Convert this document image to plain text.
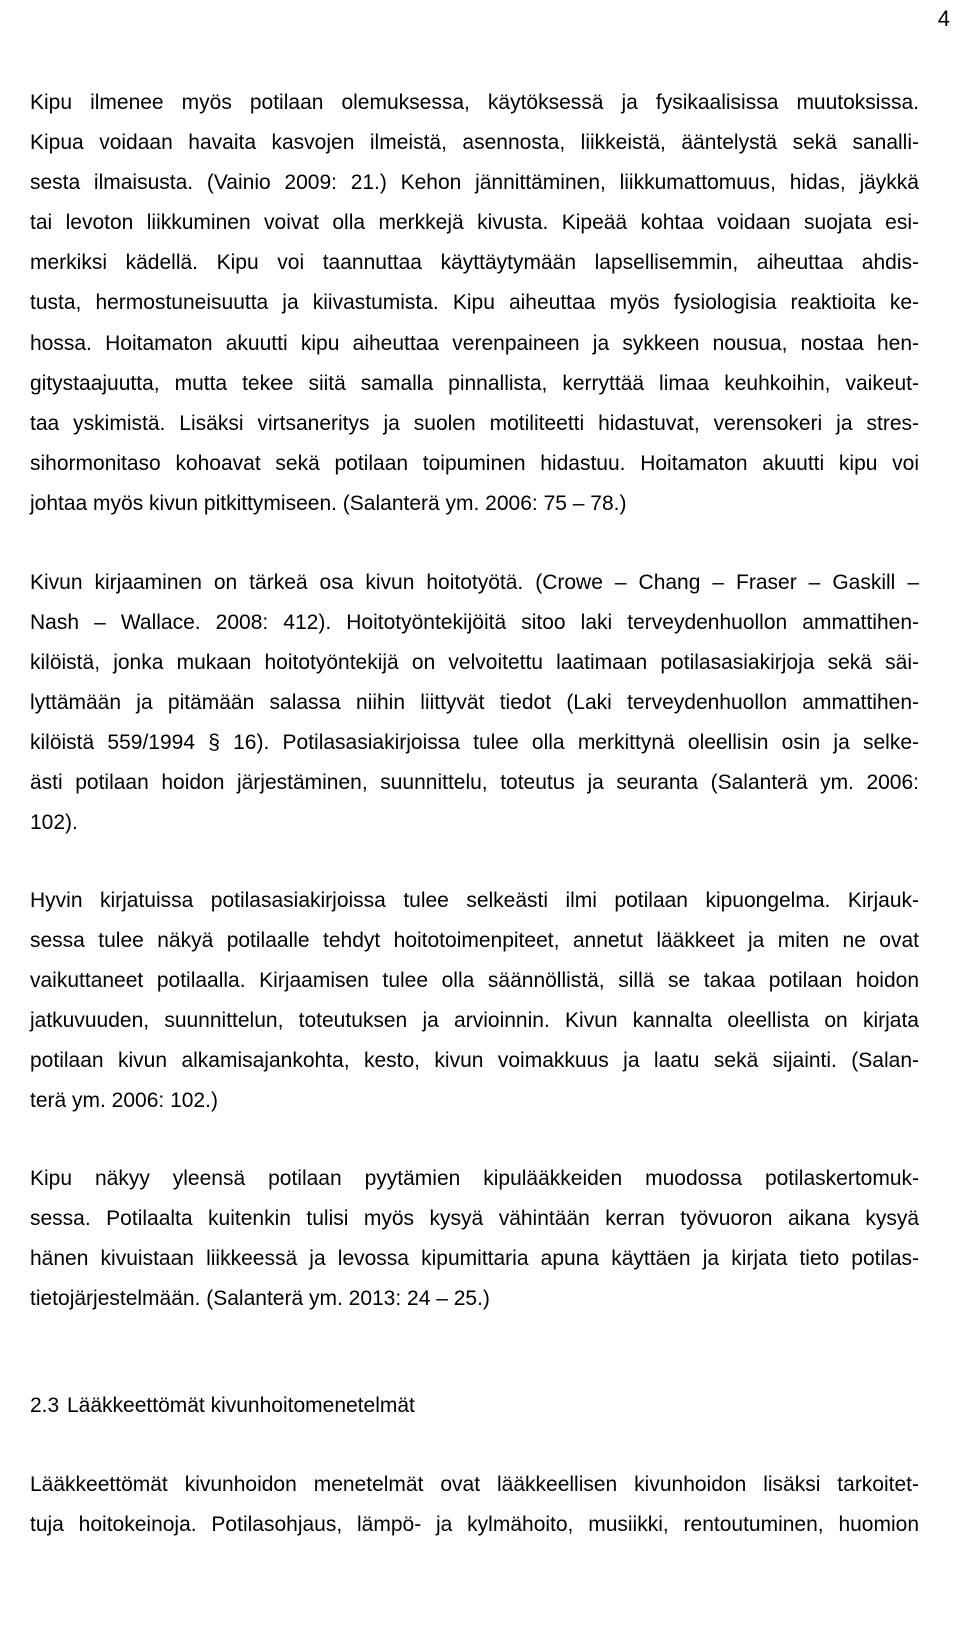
4
Kipu ilmenee myös potilaan olemuksessa, käytöksessä ja fysikaalisissa muutoksissa.
Kipua voidaan havaita kasvojen ilmeistä, asennosta, liikkeistä, ääntelystä sekä sanalli-
sesta ilmaisusta. (Vainio 2009: 21.) Kehon jännittäminen, liikkumattomuus, hidas, jäykkä
tai levoton liikkuminen voivat olla merkkejä kivusta. Kipeää kohtaa voidaan suojata esi-
merkiksi kädellä. Kipu voi taannuttaa käyttäytymään lapsellisemmin, aiheuttaa ahdis-
tusta, hermostuneisuutta ja kiivastumista. Kipu aiheuttaa myös fysiologisia reaktioita ke-
hossa. Hoitamaton akuutti kipu aiheuttaa verenpaineen ja sykkeen nousua, nostaa hen-
gitystaajuutta, mutta tekee siitä samalla pinnallista, kerryttää limaa keuhkoihin, vaikeut-
taa yskimistä. Lisäksi virtsaneritys ja suolen motiliteetti hidastuvat, verensokeri ja stres-
sihormonitaso kohoavat sekä potilaan toipuminen hidastuu. Hoitamaton akuutti kipu voi
johtaa myös kivun pitkittymiseen. (Salanterä ym. 2006: 75 – 78.)
Kivun kirjaaminen on tärkeä osa kivun hoitotyötä. (Crowe – Chang – Fraser – Gaskill –
Nash – Wallace. 2008: 412). Hoitotyöntekijöitä sitoo laki terveydenhuollon ammattihen-
kilöistä, jonka mukaan hoitotyöntekijä on velvoitettu laatimaan potilasasiakirjoja sekä säi-
lyttämään ja pitämään salassa niihin liittyvät tiedot (Laki terveydenhuollon ammattihen-
kilöistä 559/1994 § 16). Potilasasiakirjoissa tulee olla merkittynä oleellisin osin ja selke-
ästi potilaan hoidon järjestäminen, suunnittelu, toteutus ja seuranta (Salanterä ym. 2006:
102).
Hyvin kirjatuissa potilasasiakirjoissa tulee selkeästi ilmi potilaan kipuongelma. Kirjauk-
sessa tulee näkyä potilaalle tehdyt hoitotoimenpiteet, annetut lääkkeet ja miten ne ovat
vaikuttaneet potilaalla. Kirjaamisen tulee olla säännöllistä, sillä se takaa potilaan hoidon
jatkuvuuden, suunnittelun, toteutuksen ja arvioinnin. Kivun kannalta oleellista on kirjata
potilaan kivun alkamisajankohta, kesto, kivun voimakkuus ja laatu sekä sijainti. (Salan-
terä ym. 2006: 102.)
Kipu näkyy yleensä potilaan pyytämien kipulääkkeiden muodossa potilaskertomuk-
sessa. Potilaalta kuitenkin tulisi myös kysyä vähintään kerran työvuoron aikana kysyä
hänen kivuistaan liikkeessä ja levossa kipumittaria apuna käyttäen ja kirjata tieto potilas-
tietojärjestelmään. (Salanterä ym. 2013: 24 – 25.)
2.3 Lääkkeettömät kivunhoitomenetelmät
Lääkkeettömät kivunhoidon menetelmät ovat lääkkeellisen kivunhoidon lisäksi tarkoitet-
tuja hoitokeinoja. Potilasohjaus, lämpö- ja kylmähoito, musiikki, rentoutuminen, huomion
